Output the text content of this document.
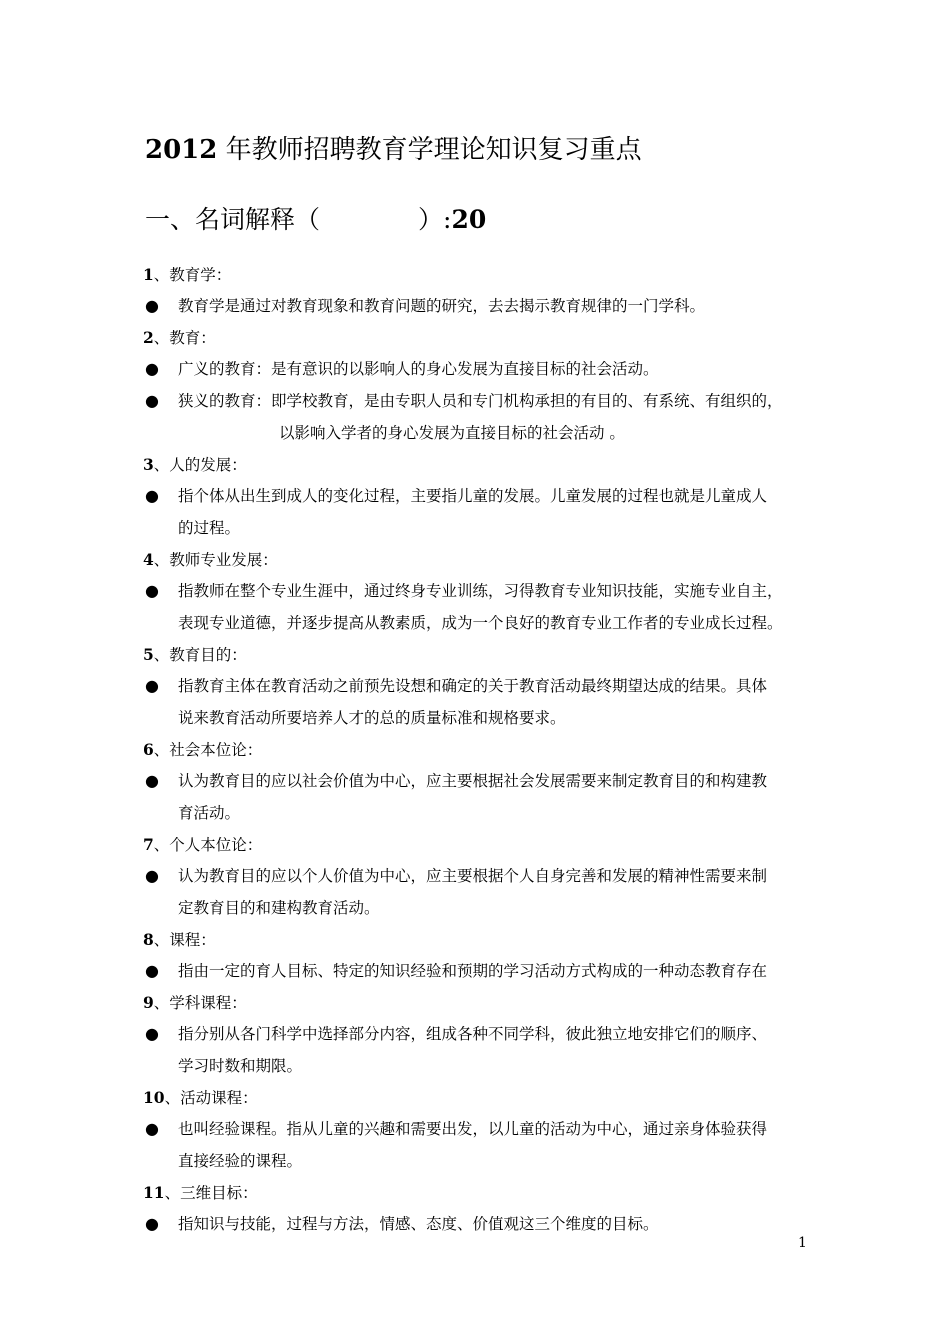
2012 年教师招聘教育学理论知识复习重点
一、名词解释（	）:20
1、教育学：
● 教育学是通过对教育现象和教育问题的研究，去去揭示教育规律的一门学科。
2、教育：
● 广义的教育：是有意识的以影响人的身心发展为直接目标的社会活动。
● 狭义的教育：即学校教育，是由专职人员和专门机构承担的有目的、有系统、有组织的，
以影响入学者的身心发展为直接目标的社会活动 。
3、人的发展：
● 指个体从出生到成人的变化过程，主要指儿童的发展。儿童发展的过程也就是儿童成人
的过程。
4、教师专业发展：
● 指教师在整个专业生涯中，通过终身专业训练，习得教育专业知识技能，实施专业自主，
表现专业道德，并逐步提高从教素质，成为一个良好的教育专业工作者的专业成长过程。
5、教育目的：
● 指教育主体在教育活动之前预先设想和确定的关于教育活动最终期望达成的结果。具体
说来教育活动所要培养人才的总的质量标准和规格要求。
6、社会本位论：
● 认为教育目的应以社会价值为中心，应主要根据社会发展需要来制定教育目的和构建教
育活动。
7、个人本位论：
● 认为教育目的应以个人价值为中心，应主要根据个人自身完善和发展的精神性需要来制
定教育目的和建构教育活动。
8、课程：
● 指由一定的育人目标、特定的知识经验和预期的学习活动方式构成的一种动态教育存在
9、学科课程：
● 指分别从各门科学中选择部分内容，组成各种不同学科，彼此独立地安排它们的顺序、
学习时数和期限。
10、活动课程：
● 也叫经验课程。指从儿童的兴趣和需要出发，以儿童的活动为中心，通过亲身体验获得
直接经验的课程。
11、三维目标：
● 指知识与技能，过程与方法，情感、态度、价值观这三个维度的目标。
1
